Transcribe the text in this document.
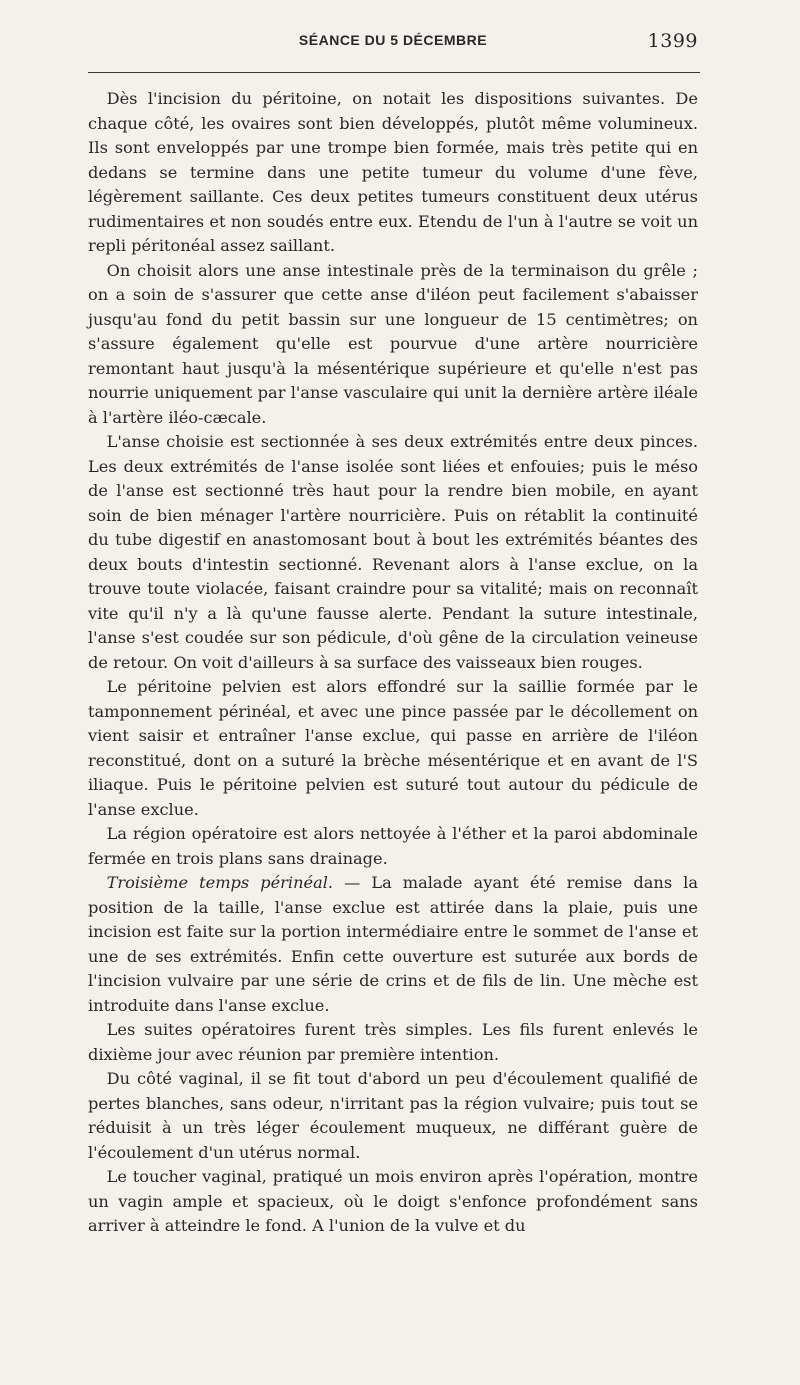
SÉANCE DU 5 DÉCEMBRE	1399

Dès l'incision du péritoine, on notait les dispositions suivantes. De chaque côté, les ovaires sont bien développés, plutôt même volumineux. Ils sont enveloppés par une trompe bien formée, mais très petite qui en dedans se termine dans une petite tumeur du volume d'une fève, légèrement saillante. Ces deux petites tumeurs constituent deux utérus rudimentaires et non soudés entre eux. Etendu de l'un à l'autre se voit un repli péritonéal assez saillant.

On choisit alors une anse intestinale près de la terminaison du grêle ; on a soin de s'assurer que cette anse d'iléon peut facilement s'abaisser jusqu'au fond du petit bassin sur une longueur de 15 centimètres; on s'assure également qu'elle est pourvue d'une artère nourricière remontant haut jusqu'à la mésentérique supérieure et qu'elle n'est pas nourrie uniquement par l'anse vasculaire qui unit la dernière artère iléale à l'artère iléo-cæcale.

L'anse choisie est sectionnée à ses deux extrémités entre deux pinces. Les deux extrémités de l'anse isolée sont liées et enfouies; puis le méso de l'anse est sectionné très haut pour la rendre bien mobile, en ayant soin de bien ménager l'artère nourricière. Puis on rétablit la continuité du tube digestif en anastomosant bout à bout les extrémités béantes des deux bouts d'intestin sectionné. Revenant alors à l'anse exclue, on la trouve toute violacée, faisant craindre pour sa vitalité; mais on reconnaît vite qu'il n'y a là qu'une fausse alerte. Pendant la suture intestinale, l'anse s'est coudée sur son pédicule, d'où gêne de la circulation veineuse de retour. On voit d'ailleurs à sa surface des vaisseaux bien rouges.

Le péritoine pelvien est alors effondré sur la saillie formée par le tamponnement périnéal, et avec une pince passée par le décollement on vient saisir et entraîner l'anse exclue, qui passe en arrière de l'iléon reconstitué, dont on a suturé la brèche mésentérique et en avant de l'S iliaque. Puis le péritoine pelvien est suturé tout autour du pédicule de l'anse exclue.

La région opératoire est alors nettoyée à l'éther et la paroi abdominale fermée en trois plans sans drainage.

Troisième temps périnéal. — La malade ayant été remise dans la position de la taille, l'anse exclue est attirée dans la plaie, puis une incision est faite sur la portion intermédiaire entre le sommet de l'anse et une de ses extrémités. Enfin cette ouverture est suturée aux bords de l'incision vulvaire par une série de crins et de fils de lin. Une mèche est introduite dans l'anse exclue.

Les suites opératoires furent très simples. Les fils furent enlevés le dixième jour avec réunion par première intention.

Du côté vaginal, il se fit tout d'abord un peu d'écoulement qualifié de pertes blanches, sans odeur, n'irritant pas la région vulvaire; puis tout se réduisit à un très léger écoulement muqueux, ne différant guère de l'écoulement d'un utérus normal.

Le toucher vaginal, pratiqué un mois environ après l'opération, montre un vagin ample et spacieux, où le doigt s'enfonce profondément sans arriver à atteindre le fond. A l'union de la vulve et du
